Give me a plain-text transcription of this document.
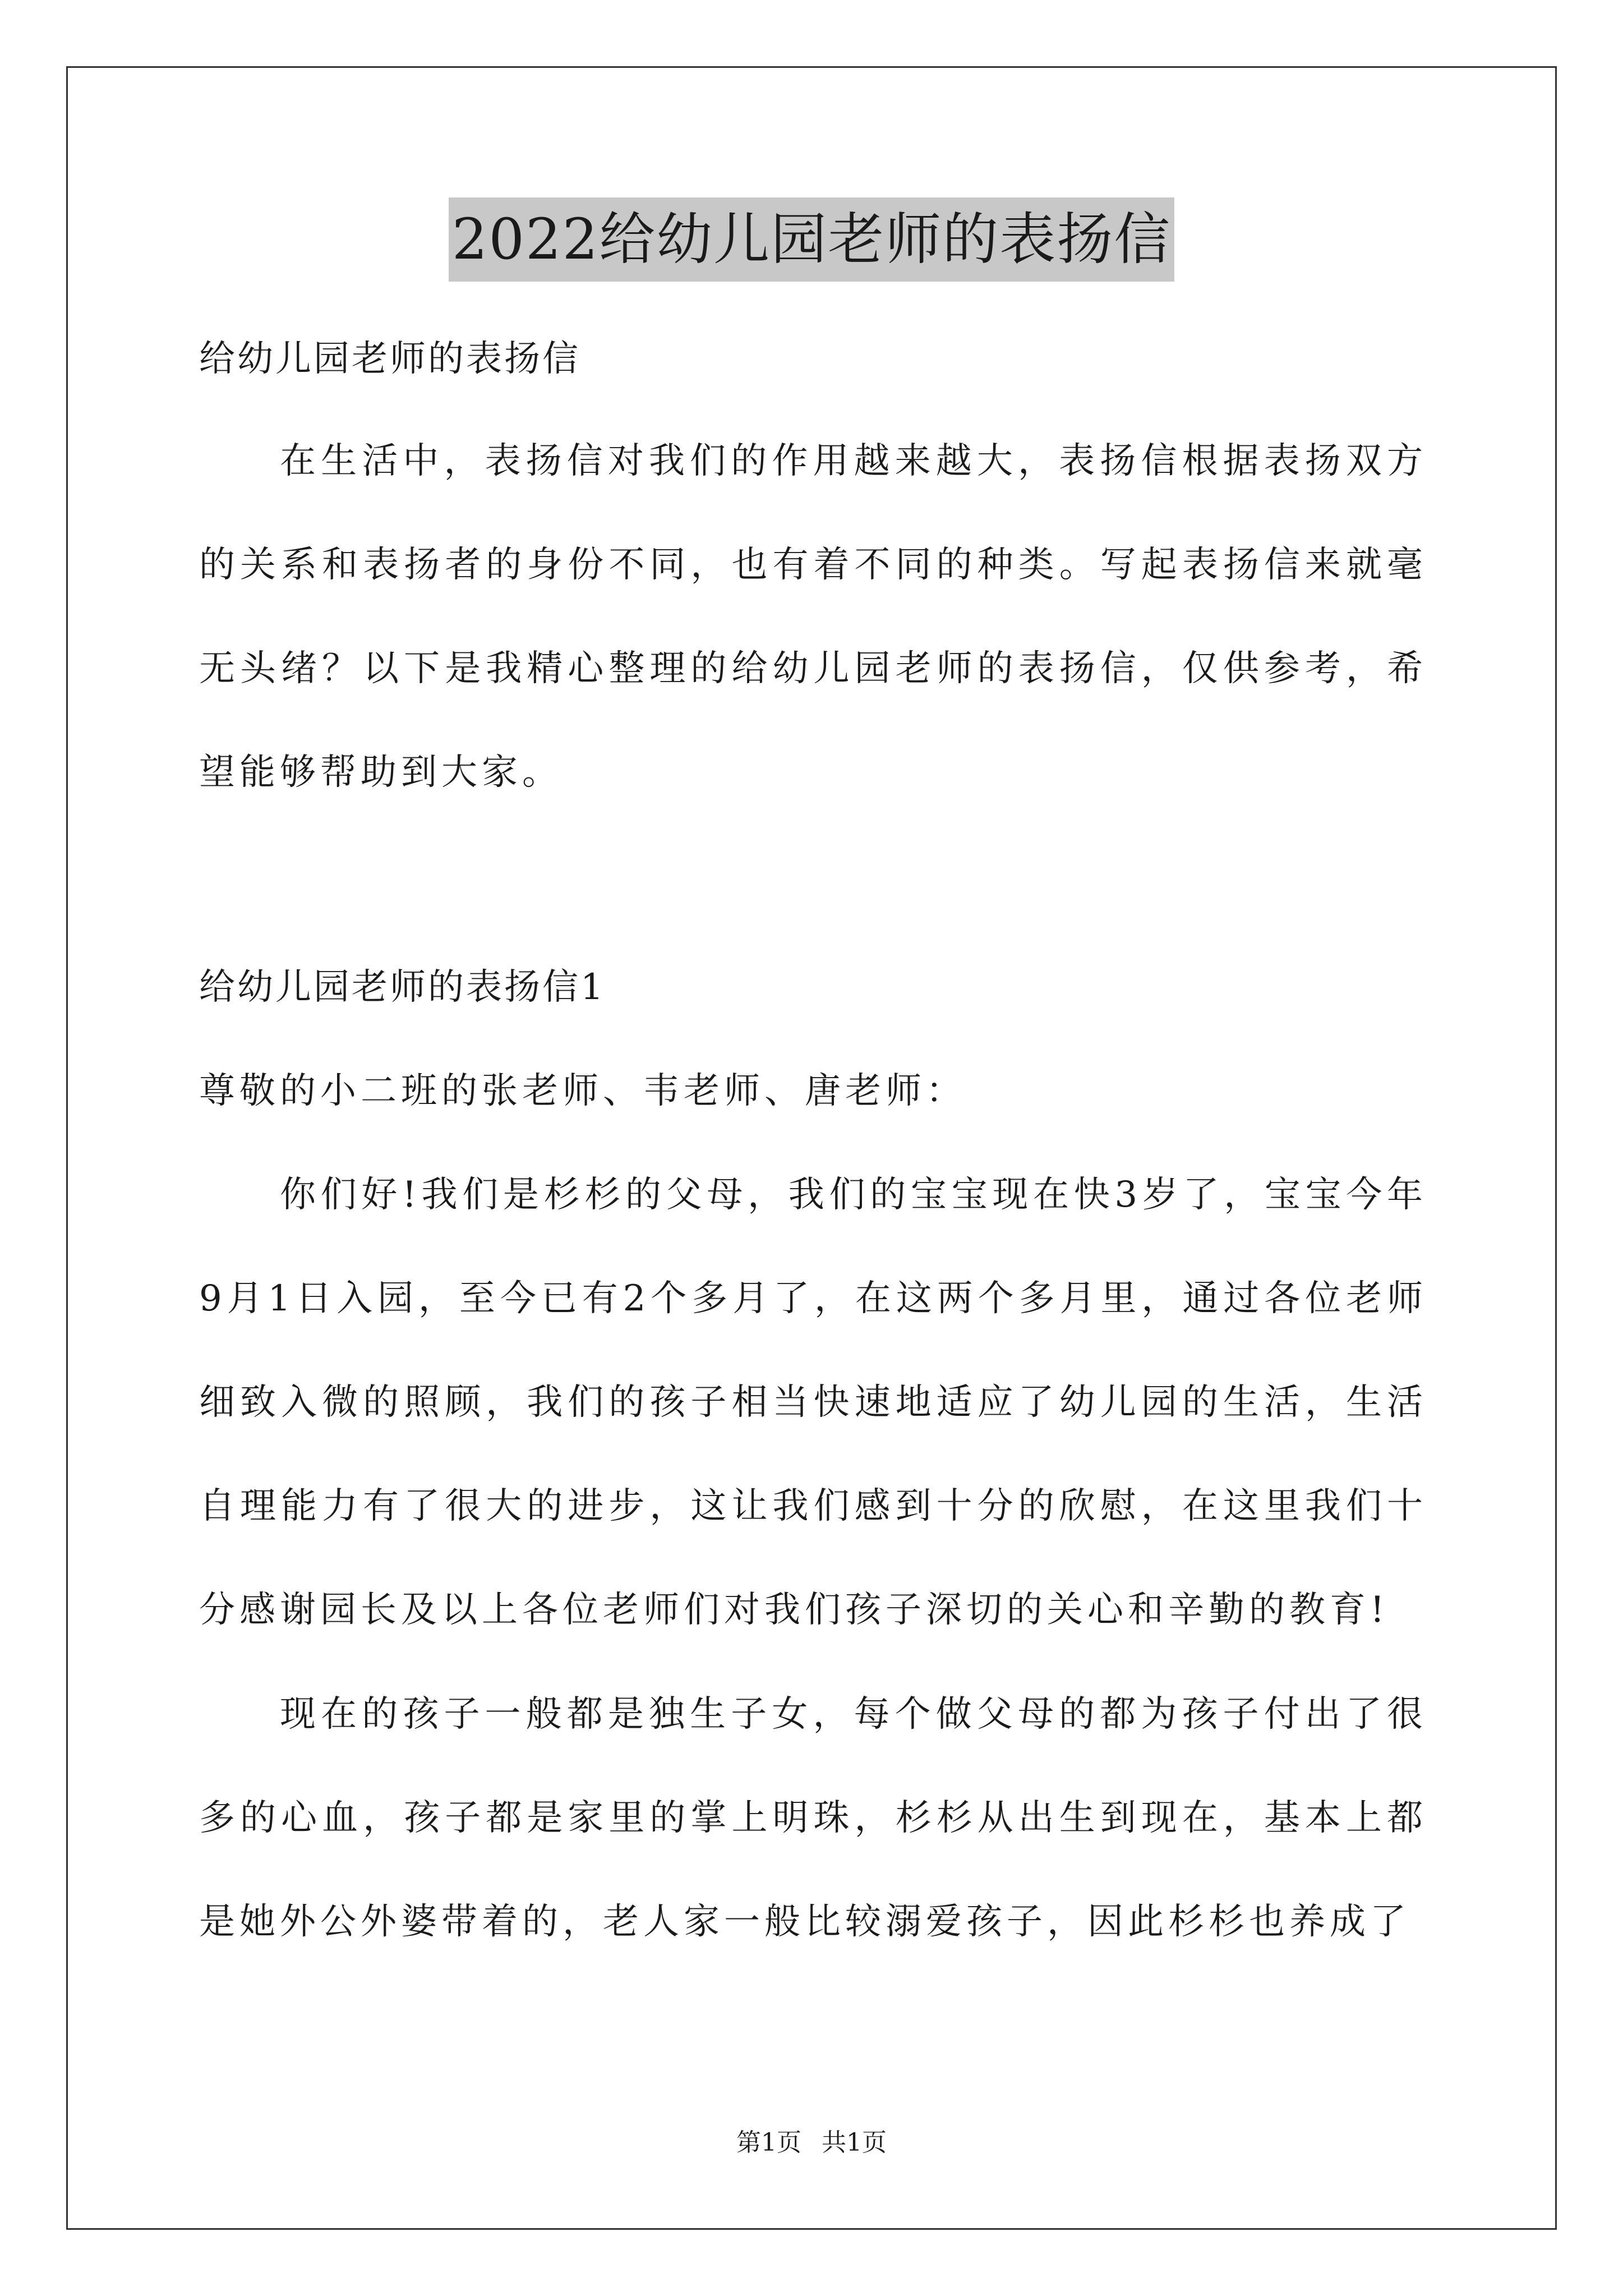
2022给幼儿园老师的表扬信
给幼儿园老师的表扬信
在生活中，表扬信对我们的作用越来越大，表扬信根据表扬双方的关系和表扬者的身份不同，也有着不同的种类。写起表扬信来就毫无头绪？以下是我精心整理的给幼儿园老师的表扬信，仅供参考，希望能够帮助到大家。
给幼儿园老师的表扬信1
尊敬的小二班的张老师、韦老师、唐老师：
你们好!我们是杉杉的父母，我们的宝宝现在快3岁了，宝宝今年9月1日入园，至今已有2个多月了，在这两个多月里，通过各位老师细致入微的照顾，我们的孩子相当快速地适应了幼儿园的生活，生活自理能力有了很大的进步，这让我们感到十分的欣慰，在这里我们十分感谢园长及以上各位老师们对我们孩子深切的关心和辛勤的教育!
现在的孩子一般都是独生子女，每个做父母的都为孩子付出了很多的心血，孩子都是家里的掌上明珠，杉杉从出生到现在，基本上都是她外公外婆带着的，老人家一般比较溺爱孩子，因此杉杉也养成了
第1页 共1页
